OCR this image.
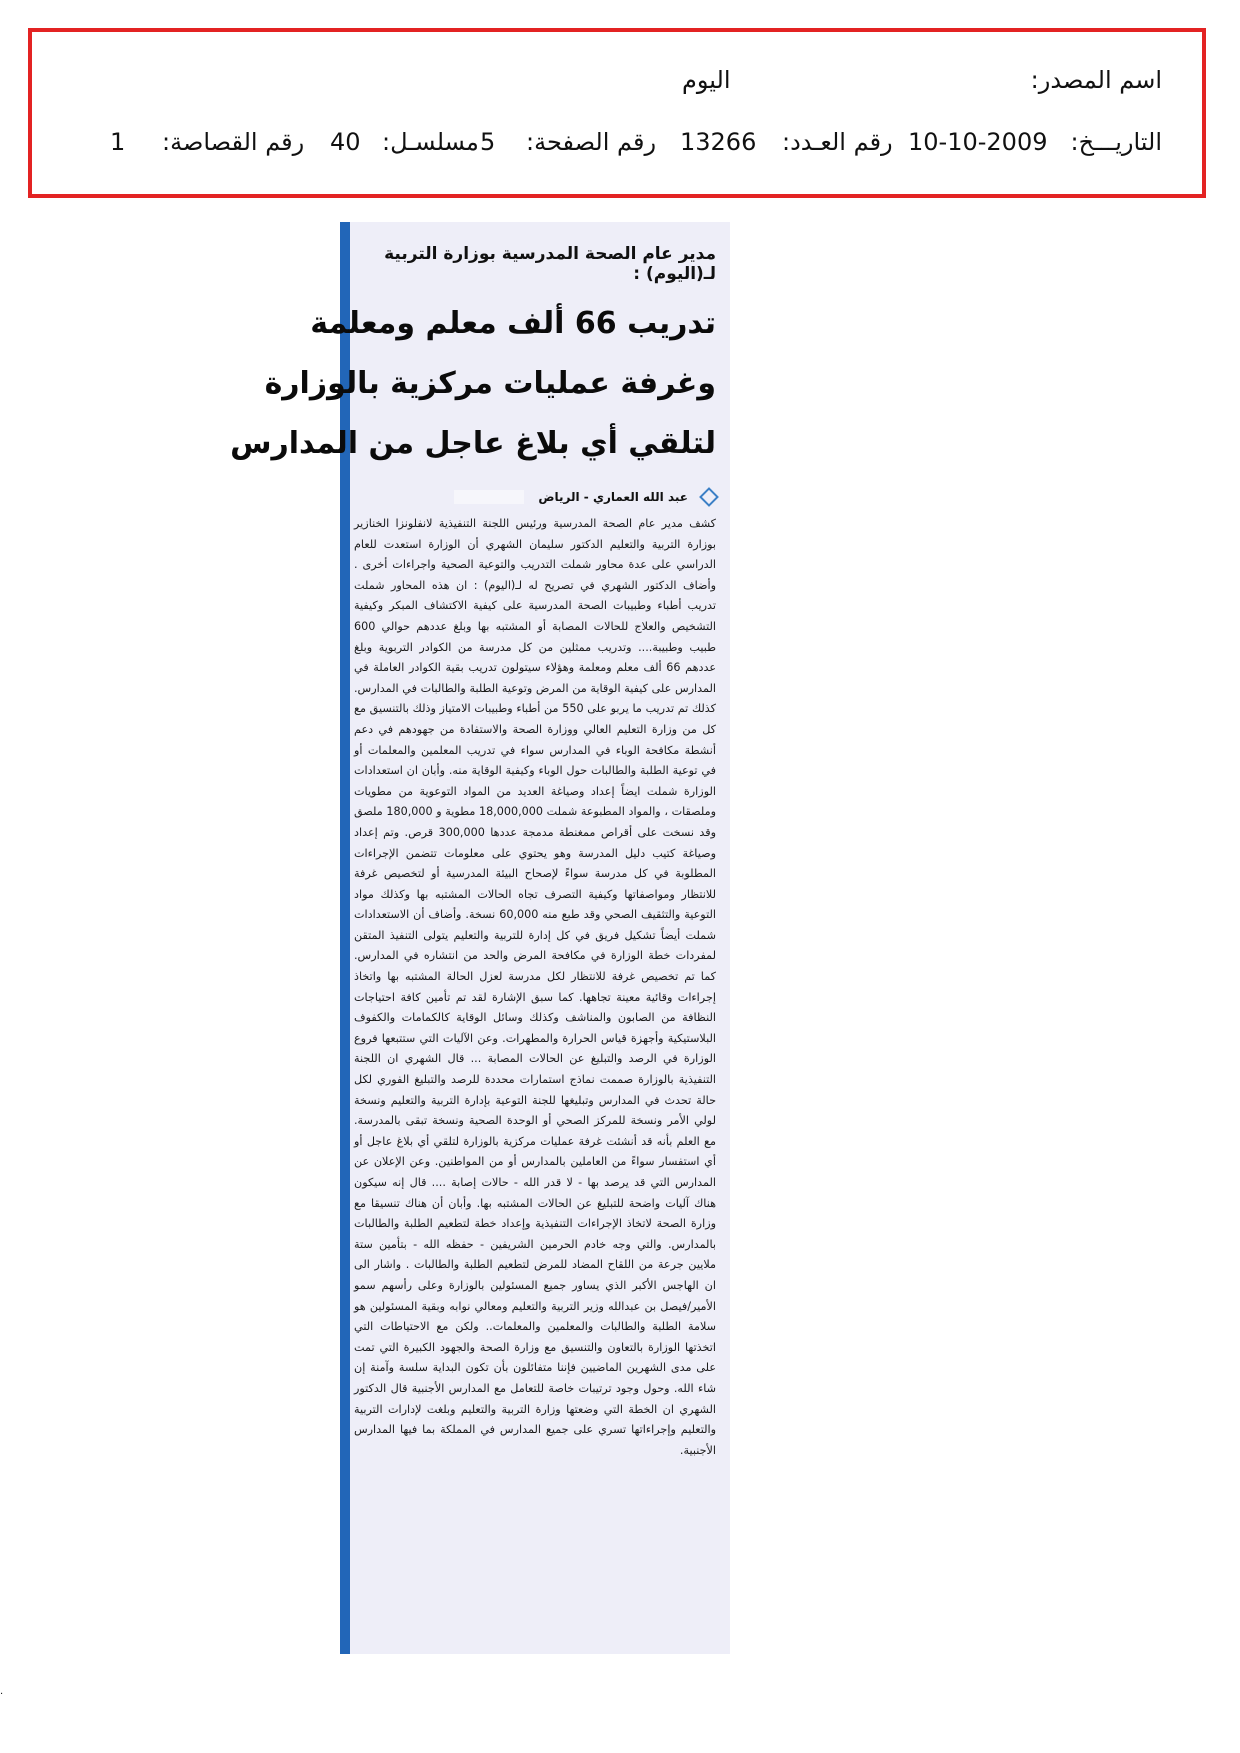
اسم المصدر:
اليوم
التاريـــخ:
10-10-2009
رقم العـدد:
13266
رقم الصفحة:
5
مسلسـل:
40
رقم القصاصة:
1
مدير عام الصحة المدرسية بوزارة التربية لـ(اليوم) :
تدريب 66 ألف معلم ومعلمة
وغرفة عمليات مركزية بالوزارة
لتلقي أي بلاغ عاجل من المدارس
عبد الله العماري - الرياض
كشف مدير عام الصحة المدرسية ورئيس اللجنة التنفيذية لانفلونزا الخنازير بوزارة التربية والتعليم الدكتور سليمان الشهري أن الوزارة استعدت للعام الدراسي على عدة محاور شملت التدريب والتوعية الصحية واجراءات أخرى . وأضاف الدكتور الشهري في تصريح له لـ(اليوم) : ان هذه المحاور شملت تدريب أطباء وطبيبات الصحة المدرسية على كيفية الاكتشاف المبكر وكيفية التشخيص والعلاج للحالات المصابة أو المشتبه بها وبلغ عددهم حوالي 600 طبيب وطبيبة.... وتدريب ممثلين من كل مدرسة من الكوادر التربوية وبلغ عددهم 66 ألف معلم ومعلمة وهؤلاء سيتولون تدريب بقية الكوادر العاملة في المدارس على كيفية الوقاية من المرض وتوعية الطلبة والطالبات في المدارس. كذلك تم تدريب ما يربو على 550 من أطباء وطبيبات الامتياز وذلك بالتنسيق مع كل من وزارة التعليم العالي ووزارة الصحة والاستفادة من جهودهم في دعم أنشطة مكافحة الوباء في المدارس سواء في تدريب المعلمين والمعلمات أو في توعية الطلبة والطالبات حول الوباء وكيفية الوقاية منه. وأبان ان استعدادات الوزارة شملت ايضاً إعداد وصياغة العديد من المواد التوعوية من مطويات وملصقات ، والمواد المطبوعة شملت 18,000,000 مطوية و 180,000 ملصق وقد نسخت على أقراص ممغنطة مدمجة عددها 300,000 قرص. وتم إعداد وصياغة كتيب دليل المدرسة وهو يحتوي على معلومات تتضمن الإجراءات المطلوبة في كل مدرسة سواءً لإصحاح البيئة المدرسية أو لتخصيص غرفة للانتظار ومواصفاتها وكيفية التصرف تجاه الحالات المشتبه بها وكذلك مواد التوعية والتثقيف الصحي وقد طبع منه 60,000 نسخة. وأضاف أن الاستعدادات شملت أيضاً تشكيل فريق في كل إدارة للتربية والتعليم يتولى التنفيذ المتقن لمفردات خطة الوزارة في مكافحة المرض والحد من انتشاره في المدارس. كما تم تخصيص غرفة للانتظار لكل مدرسة لعزل الحالة المشتبه بها واتخاذ إجراءات وقائية معينة تجاهها. كما سبق الإشارة لقد تم تأمين كافة احتياجات النظافة من الصابون والمناشف وكذلك وسائل الوقاية كالكمامات والكفوف البلاستيكية وأجهزة قياس الحرارة والمطهرات. وعن الآليات التي ستتبعها فروع الوزارة في الرصد والتبليغ عن الحالات المصابة ... قال الشهري ان اللجنة التنفيذية بالوزارة صممت نماذج استمارات محددة للرصد والتبليغ الفوري لكل حالة تحدث في المدارس وتبليغها للجنة التوعية بإدارة التربية والتعليم ونسخة لولي الأمر ونسخة للمركز الصحي أو الوحدة الصحية ونسخة تبقى بالمدرسة. مع العلم بأنه قد أنشئت غرفة عمليات مركزية بالوزارة لتلقي أي بلاغ عاجل أو أي استفسار سواءً من العاملين بالمدارس أو من المواطنين. وعن الإعلان عن المدارس التي قد يرصد بها - لا قدر الله - حالات إصابة .... قال إنه سيكون هناك آليات واضحة للتبليغ عن الحالات المشتبه بها. وأبان أن هناك تنسيقا مع وزارة الصحة لاتخاذ الإجراءات التنفيذية وإعداد خطة لتطعيم الطلبة والطالبات بالمدارس. والتي وجه خادم الحرمين الشريفين - حفظه الله - بتأمين ستة ملايين جرعة من اللقاح المضاد للمرض لتطعيم الطلبة والطالبات . واشار الى ان الهاجس الأكبر الذي يساور جميع المسئولين بالوزارة وعلى رأسهم سمو الأمير/فيصل بن عبدالله وزير التربية والتعليم ومعالي نوابه وبقية المسئولين هو سلامة الطلبة والطالبات والمعلمين والمعلمات.. ولكن مع الاحتياطات التي اتخذتها الوزارة بالتعاون والتنسيق مع وزارة الصحة والجهود الكبيرة التي تمت على مدى الشهرين الماضيين فإننا متفائلون بأن تكون البداية سلسة وآمنة إن شاء الله. وحول وجود ترتيبات خاصة للتعامل مع المدارس الأجنبية قال الدكتور الشهري ان الخطة التي وضعتها وزارة التربية والتعليم وبلغت لإدارات التربية والتعليم وإجراءاتها تسري على جميع المدارس في المملكة بما فيها المدارس الأجنبية.
.
